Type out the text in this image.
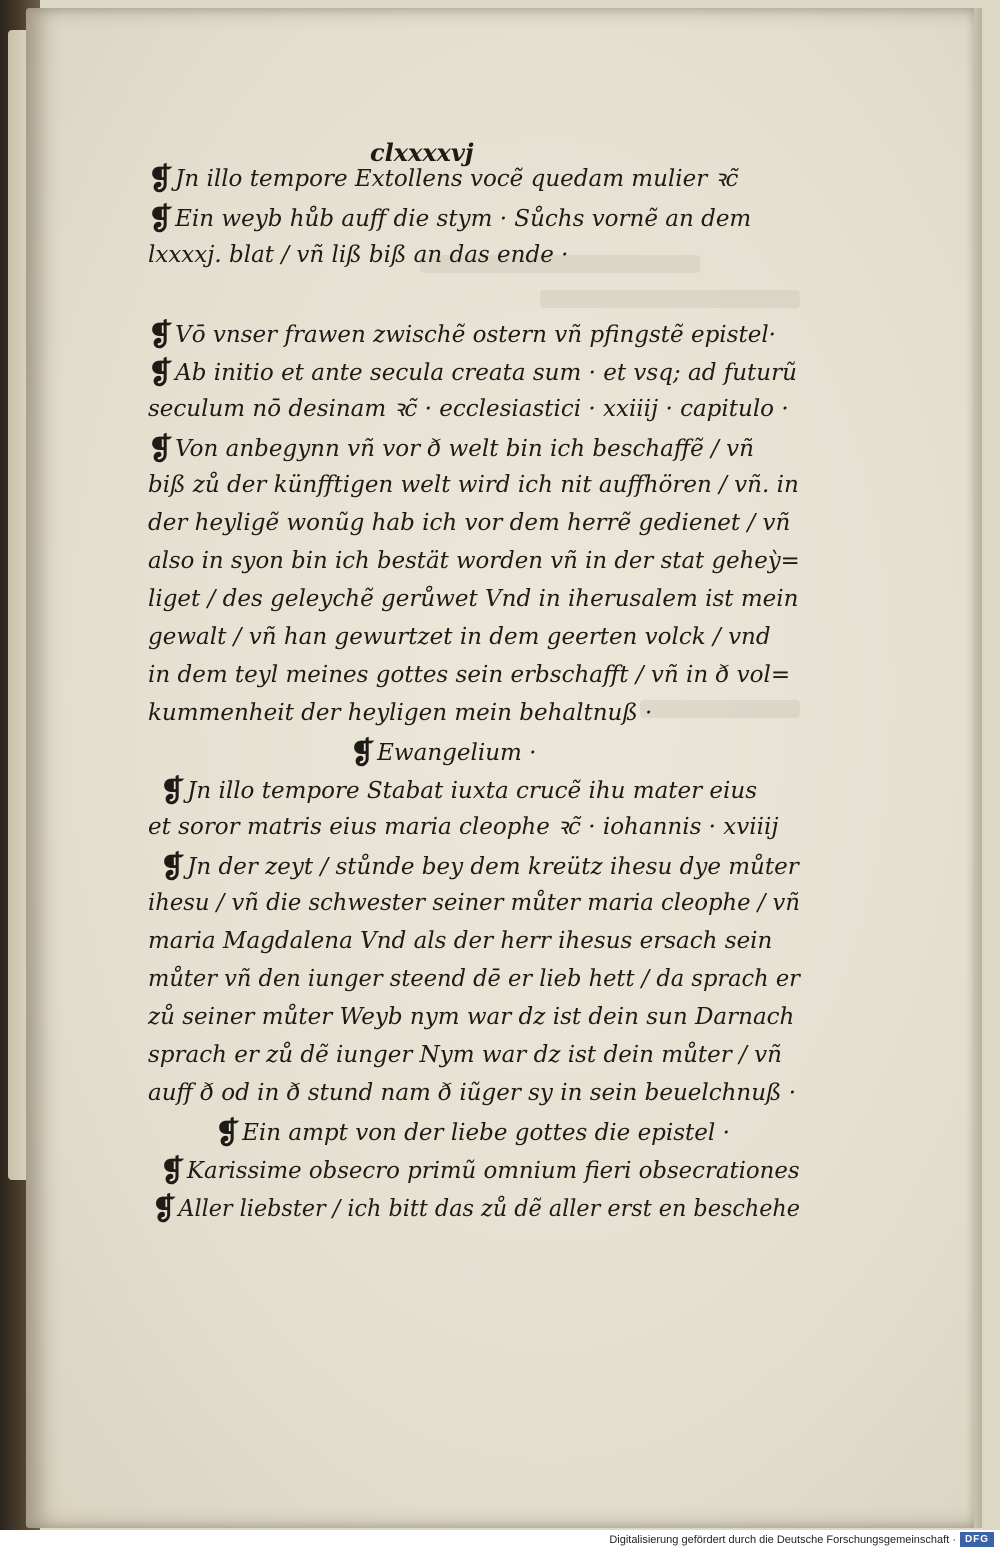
clxxxxvj
❡Jn illo tempore Extollens vocẽ quedam mulier ꝛc̃
❡Ein weyb hůb auff die stym · Sůchs vornẽ an dem
lxxxxj. blat / vñ liß biß an das ende ·
❡Vō vnser frawen zwischẽ ostern vñ pfingstẽ epistel·
❡Ab initio et ante secula creata sum · et vsq; ad futurũ
seculum nō desinam ꝛc̃ · ecclesiastici · xxiiij · capitulo ·
❡Von anbegynn vñ vor ð welt bin ich beschaffẽ / vñ
biß zů der künfftigen welt wird ich nit auffhören / vñ. in
der heyligẽ wonũg hab ich vor dem herrẽ gedienet / vñ
also in syon bin ich bestät worden vñ in der stat geheỳ=
liget / des geleychẽ gerůwet Vnd in iherusalem ist mein
gewalt / vñ han gewurtzet in dem geerten volck / vnd
in dem teyl meines gottes sein erbschafft / vñ in ð vol=
kummenheit der heyligen mein behaltnuß ·
❡Ewangelium ·
❡Jn illo tempore Stabat iuxta crucẽ ihu mater eius
et soror matris eius maria cleophe ꝛc̃ · iohannis · xviiij
❡Jn der zeyt / stůnde bey dem kreütz ihesu dye můter
ihesu / vñ die schwester seiner můter maria cleophe / vñ
maria Magdalena Vnd als der herr ihesus ersach sein
můter vñ den iunger steend dē er lieb hett / da sprach er
zů seiner můter Weyb nym war dz ist dein sun Darnach
sprach er zů dẽ iunger Nym war dz ist dein můter / vñ
auff ð od in ð stund nam ð iũger sy in sein beuelchnuß ·
❡Ein ampt von der liebe gottes die epistel ·
❡Karissime obsecro primũ omnium fieri obsecrationes
❡Aller liebster / ich bitt das zů dẽ aller erst en beschehe
Digitalisierung gefördert durch die Deutsche Forschungsgemeinschaft · DFG
